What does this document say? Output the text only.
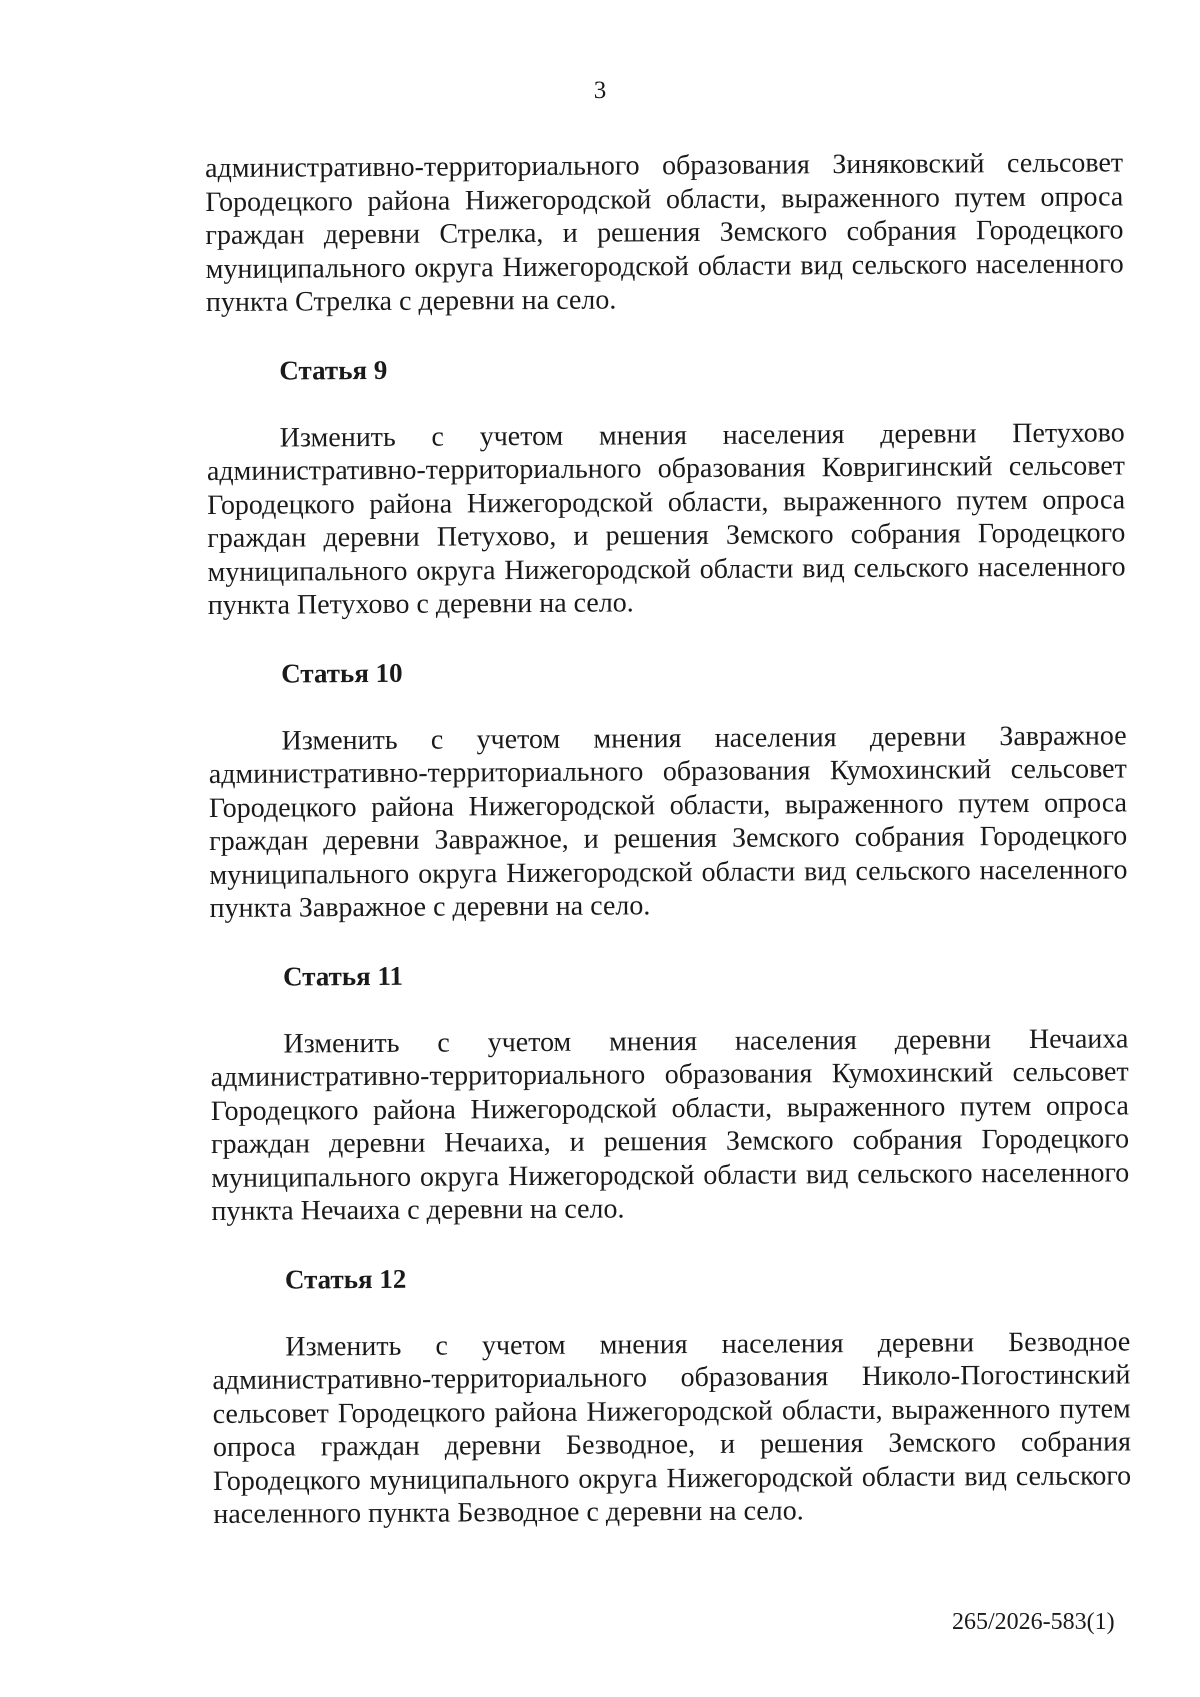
3

административно-территориального образования Зиняковский сельсовет Городецкого района Нижегородской области, выраженного путем опроса граждан деревни Стрелка, и решения Земского собрания Городецкого муниципального округа Нижегородской области вид сельского населенного пункта Стрелка с деревни на село.

Статья 9

Изменить с учетом мнения населения деревни Петухово административно-территориального образования Ковригинский сельсовет Городецкого района Нижегородской области, выраженного путем опроса граждан деревни Петухово, и решения Земского собрания Городецкого муниципального округа Нижегородской области вид сельского населенного пункта Петухово с деревни на село.

Статья 10

Изменить с учетом мнения населения деревни Завражное административно-территориального образования Кумохинский сельсовет Городецкого района Нижегородской области, выраженного путем опроса граждан деревни Завражное, и решения Земского собрания Городецкого муниципального округа Нижегородской области вид сельского населенного пункта Завражное с деревни на село.

Статья 11

Изменить с учетом мнения населения деревни Нечаиха административно-территориального образования Кумохинский сельсовет Городецкого района Нижегородской области, выраженного путем опроса граждан деревни Нечаиха, и решения Земского собрания Городецкого муниципального округа Нижегородской области вид сельского населенного пункта Нечаиха с деревни на село.

Статья 12

Изменить с учетом мнения населения деревни Безводное административно-территориального образования Николо-Погостинский сельсовет Городецкого района Нижегородской области, выраженного путем опроса граждан деревни Безводное, и решения Земского собрания Городецкого муниципального округа Нижегородской области вид сельского населенного пункта Безводное с деревни на село.

265/2026-583(1)
